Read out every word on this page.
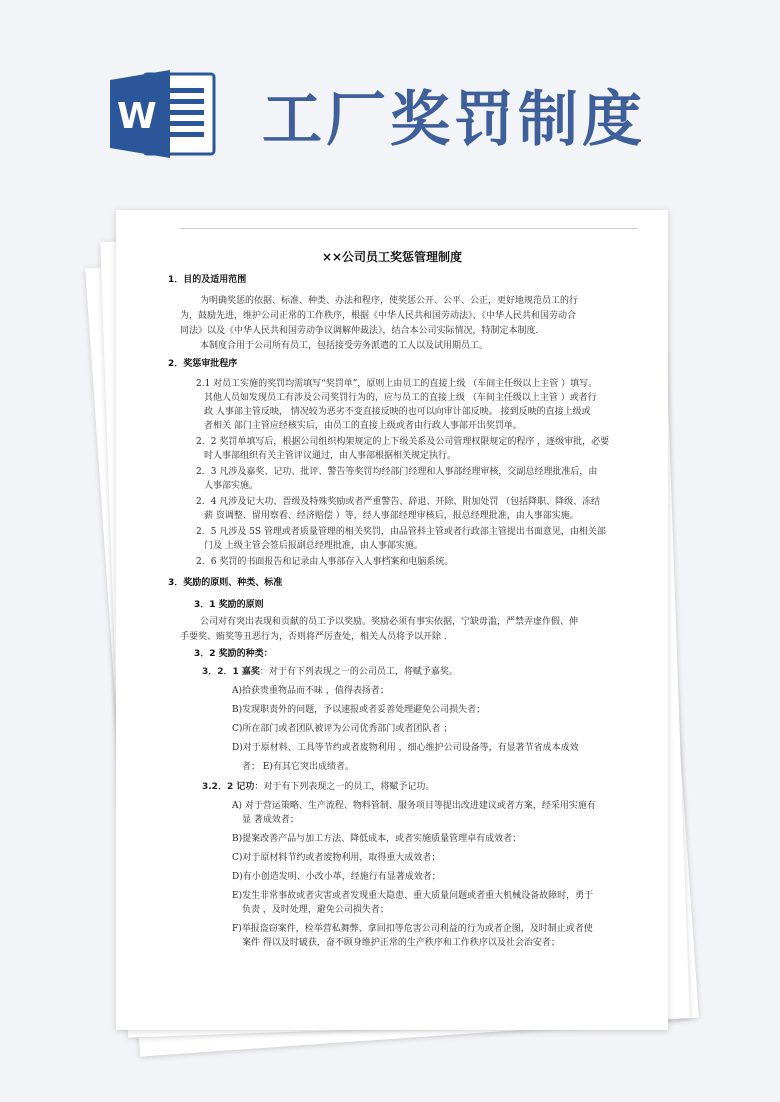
W 工厂奖罚制度
××公司员工奖惩管理制度
1．目的及适用范围
为明确奖惩的依据、标准、种类、办法和程序，使奖惩公开、公平、公正，更好地规范员工的行
为，鼓励先进，维护公司正常的工作秩序，根据《中华人民共和国劳动法》、《中华人民共和国劳动合
同法》以及《中华人民共和国劳动争议调解仲裁法》，结合本公司实际情况，特制定本制度．
本制度合用于公司所有员工，包括接受劳务派遣的工人以及试用期员工。
2．奖惩审批程序
2.1 对员工实施的奖罚均需填写“奖罚单”，原则上由员工的直接上级 （车间主任级以上主管 ）填写。
其他人员如发现员工有涉及公司奖罚行为的，应与员工的直接上级 （车间主任级以上主管 ）或者行
政 人事部主管反映， 情况较为恶劣不变直接反映的也可以向审计部反映。 接到反映的直接上级或
者相关 部门主管应经核实后，由员工的直接上级或者由行政人事部开出奖罚单。
2．2 奖罚单填写后，根据公司组织构架规定的上下级关系及公司管理权限规定的程序 ，逐级审批，必要
时人事部组织有关主管评议通过，由人事部根据相关规定执行。
2．3 凡涉及嘉奖、记功、批评、警告等奖罚均经部门经理和人事部经理审核，交副总经理批准后，由
人事部实施。
2．4 凡涉及记大功、晋级及特殊奖励或者严重警告、辞退、开除、附加处罚 （包括降职、降级、冻结
薪 资调整、留用察看、经济赔偿 ）等，经人事部经理审核后，报总经理批准，由人事部实施。
2．5 凡涉及 5S 管理或者质量管理的相关奖罚，由品管科主管或者行政部主管提出书面意见，由相关部
门及 上级主管会签后报副总经理批准，由人事部实施。
2．6 奖罚的书面报告和记录由人事部存入人事档案和电脑系统。
3．奖励的原则、种类、标准
3．1 奖励的原则
公司对有突出表现和贡献的员工予以奖励。奖励必须有事实依据，宁缺毋滥，严禁弄虚作假、伸
手要奖、贿奖等丑恶行为，否则将严厉查处，相关人员将予以开除 ．
3．2 奖励的种类：
3．2．1 嘉奖：对于有下列表现之一的公司员工，将赋予嘉奖。
A)拾获贵重物品而不昧 ，值得表扬者；
B)发现职责外的问题，予以速报或者妥善处理避免公司损失者；
C)所在部门或者团队被评为公司优秀部门或者团队者 ；
D)对于原材料、工具等节约或者废物利用 ，细心维护公司设备等，有显著节省成本成效
者； E)有其它突出成绩者。
3.2．2 记功：对于有下列表现之一的员工，将赋予记功。
A) 对于营运策略、生产流程、物料管制、服务项目等提出改进建议或者方案，经采用实施有
显 著成效者；
B)提案改善产品与加工方法、降低成本，或者实施质量管理卓有成效者；
C)对于原材料节约或者废物利用，取得重大成效者；
D)有小创造发明、小改小革，经施行有显著成效者；
E)发生非常事故或者灾害或者发现重大隐患、重大质量问题或者重大机械设备故障时，勇于
负责 ，及时处理，避免公司损失者；
F)举报盗窃案件，检举营私舞弊、拿回扣等危害公司利益的行为或者企图，及时制止或者使
案件 得以及时破获，奋不顾身维护正常的生产秩序和工作秩序以及社会治安者；
